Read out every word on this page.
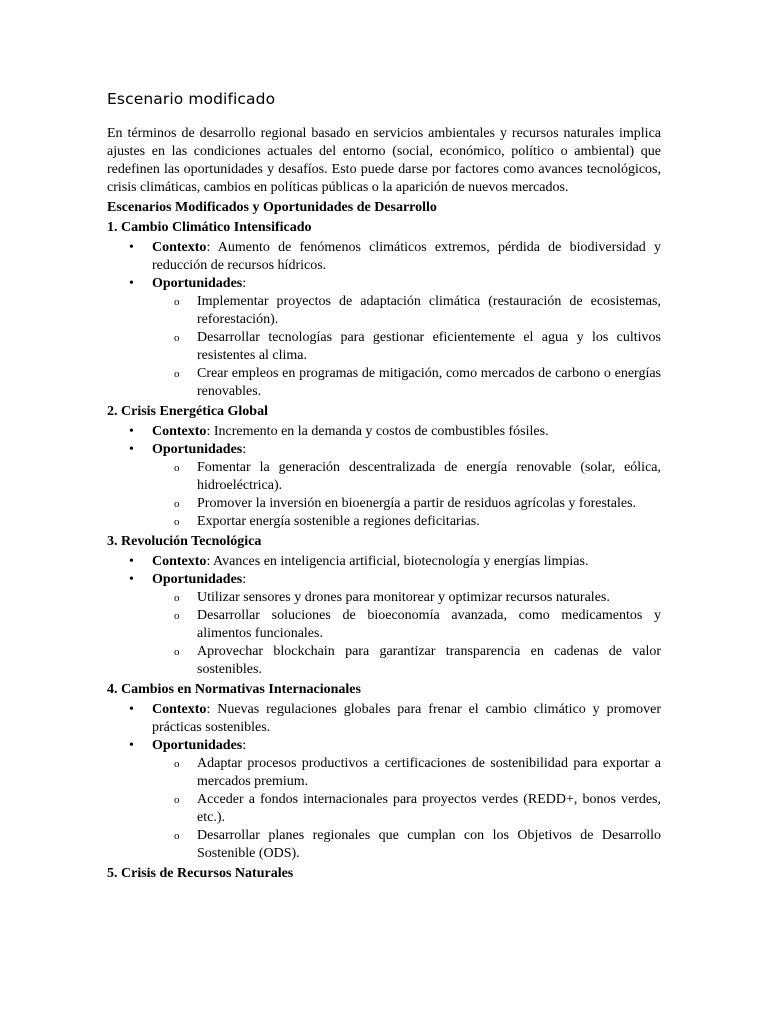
Escenario modificado

En términos de desarrollo regional basado en servicios ambientales y recursos naturales implica ajustes en las condiciones actuales del entorno (social, económico, político o ambiental) que redefinen las oportunidades y desafíos. Esto puede darse por factores como avances tecnológicos, crisis climáticas, cambios en políticas públicas o la aparición de nuevos mercados.

Escenarios Modificados y Oportunidades de Desarrollo
1. Cambio Climático Intensificado
• Contexto: Aumento de fenómenos climáticos extremos, pérdida de biodiversidad y reducción de recursos hídricos.
• Oportunidades:
o Implementar proyectos de adaptación climática (restauración de ecosistemas, reforestación).
o Desarrollar tecnologías para gestionar eficientemente el agua y los cultivos resistentes al clima.
o Crear empleos en programas de mitigación, como mercados de carbono o energías renovables.
2. Crisis Energética Global
• Contexto: Incremento en la demanda y costos de combustibles fósiles.
• Oportunidades:
o Fomentar la generación descentralizada de energía renovable (solar, eólica, hidroeléctrica).
o Promover la inversión en bioenergía a partir de residuos agrícolas y forestales.
o Exportar energía sostenible a regiones deficitarias.
3. Revolución Tecnológica
• Contexto: Avances en inteligencia artificial, biotecnología y energías limpias.
• Oportunidades:
o Utilizar sensores y drones para monitorear y optimizar recursos naturales.
o Desarrollar soluciones de bioeconomía avanzada, como medicamentos y alimentos funcionales.
o Aprovechar blockchain para garantizar transparencia en cadenas de valor sostenibles.
4. Cambios en Normativas Internacionales
• Contexto: Nuevas regulaciones globales para frenar el cambio climático y promover prácticas sostenibles.
• Oportunidades:
o Adaptar procesos productivos a certificaciones de sostenibilidad para exportar a mercados premium.
o Acceder a fondos internacionales para proyectos verdes (REDD+, bonos verdes, etc.).
o Desarrollar planes regionales que cumplan con los Objetivos de Desarrollo Sostenible (ODS).
5. Crisis de Recursos Naturales
